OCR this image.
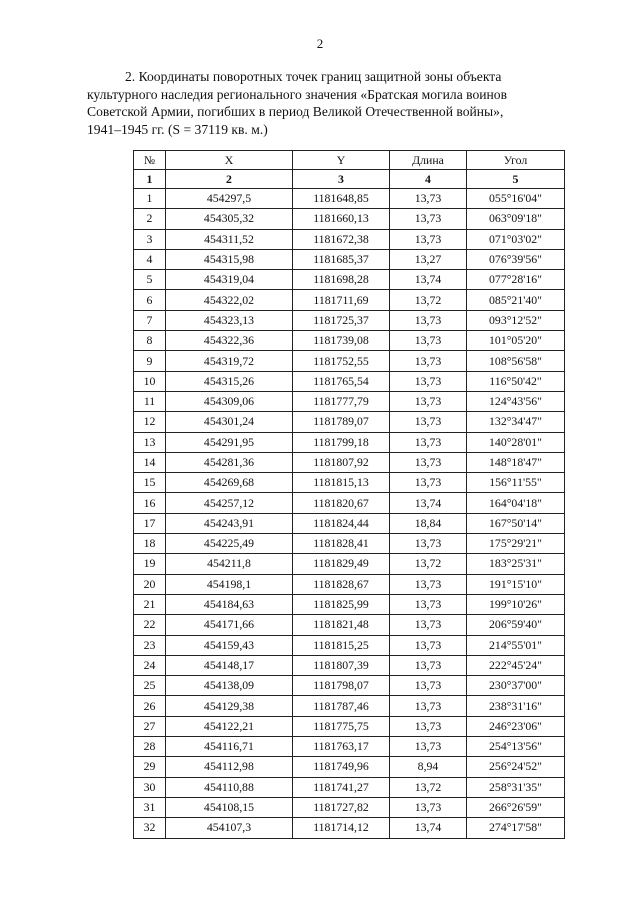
2
2. Координаты поворотных точек границ защитной зоны объекта
культурного наследия регионального значения «Братская могила воинов
Советской Армии, погибших в период Великой Отечественной войны»,
1941–1945 гг. (S = 37119 кв. м.)
№	X	Y	Длина	Угол
1	2	3	4	5
1	454297,5	1181648,85	13,73	055°16'04"
2	454305,32	1181660,13	13,73	063°09'18"
3	454311,52	1181672,38	13,73	071°03'02"
4	454315,98	1181685,37	13,27	076°39'56"
5	454319,04	1181698,28	13,74	077°28'16"
6	454322,02	1181711,69	13,72	085°21'40"
7	454323,13	1181725,37	13,73	093°12'52"
8	454322,36	1181739,08	13,73	101°05'20"
9	454319,72	1181752,55	13,73	108°56'58"
10	454315,26	1181765,54	13,73	116°50'42"
11	454309,06	1181777,79	13,73	124°43'56"
12	454301,24	1181789,07	13,73	132°34'47"
13	454291,95	1181799,18	13,73	140°28'01"
14	454281,36	1181807,92	13,73	148°18'47"
15	454269,68	1181815,13	13,73	156°11'55"
16	454257,12	1181820,67	13,74	164°04'18"
17	454243,91	1181824,44	18,84	167°50'14"
18	454225,49	1181828,41	13,73	175°29'21"
19	454211,8	1181829,49	13,72	183°25'31"
20	454198,1	1181828,67	13,73	191°15'10"
21	454184,63	1181825,99	13,73	199°10'26"
22	454171,66	1181821,48	13,73	206°59'40"
23	454159,43	1181815,25	13,73	214°55'01"
24	454148,17	1181807,39	13,73	222°45'24"
25	454138,09	1181798,07	13,73	230°37'00"
26	454129,38	1181787,46	13,73	238°31'16"
27	454122,21	1181775,75	13,73	246°23'06"
28	454116,71	1181763,17	13,73	254°13'56"
29	454112,98	1181749,96	8,94	256°24'52"
30	454110,88	1181741,27	13,72	258°31'35"
31	454108,15	1181727,82	13,73	266°26'59"
32	454107,3	1181714,12	13,74	274°17'58"
